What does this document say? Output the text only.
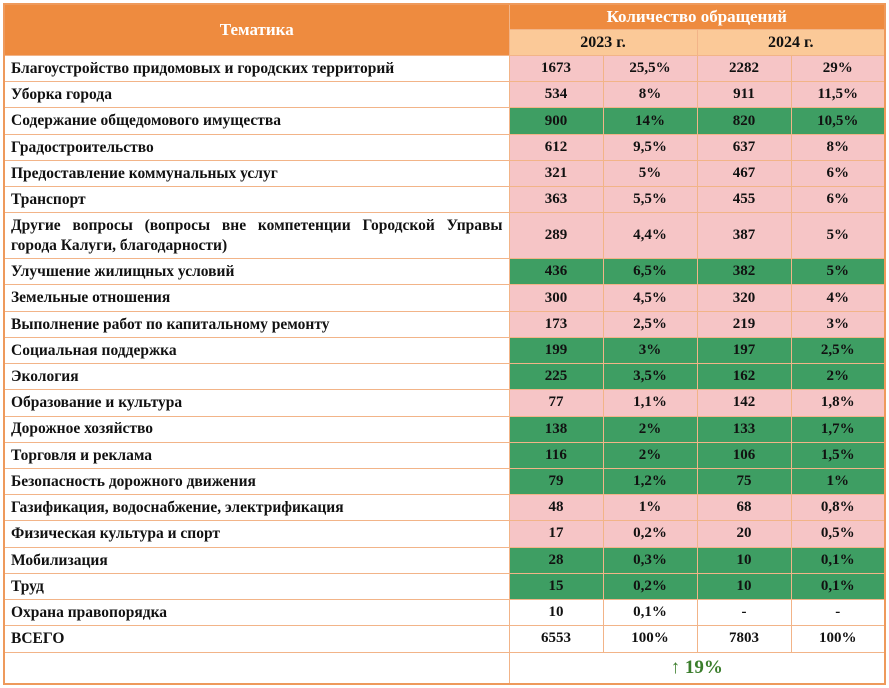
Тематика	Количество обращений			
	2023 г.		2024 г.	
Благоустройство придомовых и городских территорий	1673	25,5%	2282	29%
Уборка города	534	8%	911	11,5%
Содержание общедомового имущества	900	14%	820	10,5%
Градостроительство	612	9,5%	637	8%
Предоставление коммунальных услуг	321	5%	467	6%
Транспорт	363	5,5%	455	6%
Другие вопросы (вопросы вне компетенции Городской Управы города Калуги, благодарности)	289	4,4%	387	5%
Улучшение жилищных условий	436	6,5%	382	5%
Земельные отношения	300	4,5%	320	4%
Выполнение работ по капитальному ремонту	173	2,5%	219	3%
Социальная поддержка	199	3%	197	2,5%
Экология	225	3,5%	162	2%
Образование и культура	77	1,1%	142	1,8%
Дорожное хозяйство	138	2%	133	1,7%
Торговля и реклама	116	2%	106	1,5%
Безопасность дорожного движения	79	1,2%	75	1%
Газификация, водоснабжение, электрификация	48	1%	68	0,8%
Физическая культура и спорт	17	0,2%	20	0,5%
Мобилизация	28	0,3%	10	0,1%
Труд	15	0,2%	10	0,1%
Охрана правопорядка	10	0,1%	-	-
ВСЕГО	6553	100%	7803	100%
	↑ 19%			
